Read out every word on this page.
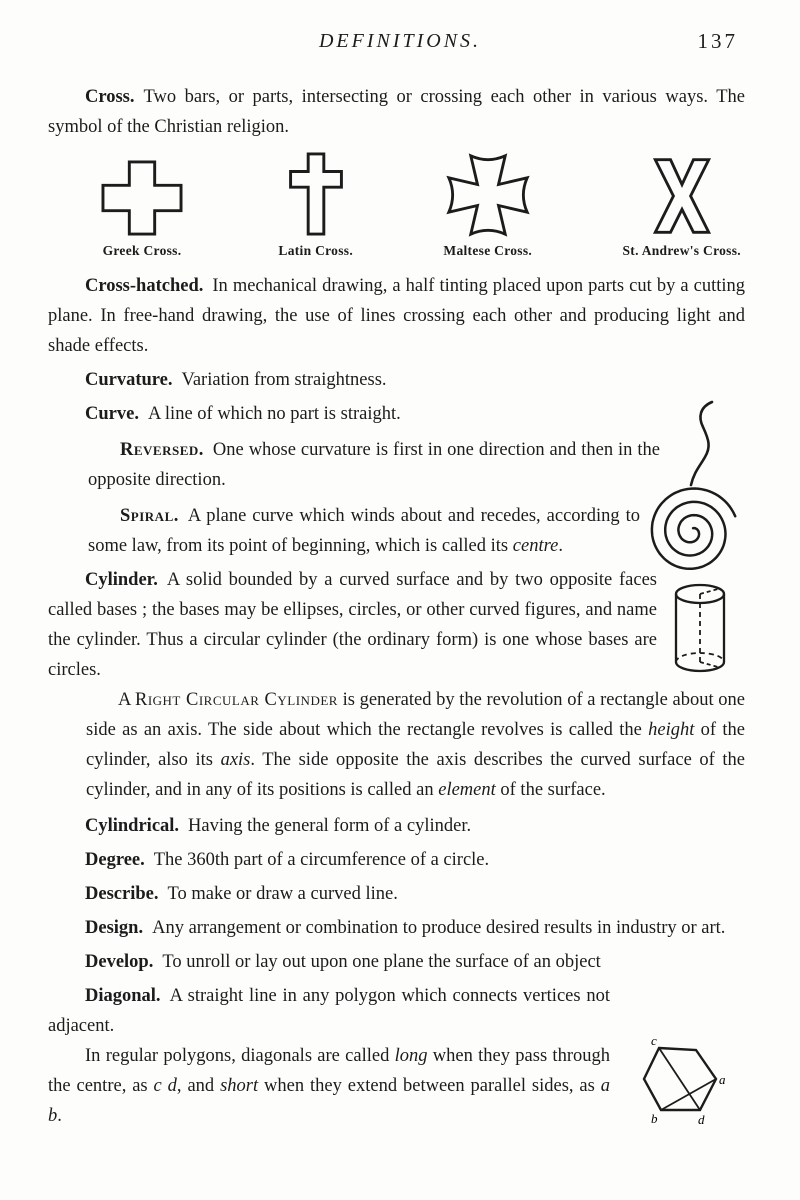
DEFINITIONS.	137

Cross. Two bars, or parts, intersecting or crossing each other in various ways. The symbol of the Christian religion.

Greek Cross.	Latin Cross.	Maltese Cross.	St. Andrew's Cross.

Cross-hatched. In mechanical drawing, a half tinting placed upon parts cut by a cutting plane. In free-hand drawing, the use of lines crossing each other and producing light and shade effects.

Curvature. Variation from straightness.

Curve. A line of which no part is straight.

Reversed. One whose curvature is first in one direction and then in the opposite direction.

Spiral. A plane curve which winds about and recedes, according to some law, from its point of beginning, which is called its centre.

Cylinder. A solid bounded by a curved surface and by two opposite faces called bases ; the bases may be ellipses, circles, or other curved figures, and name the cylinder. Thus a circular cylinder (the ordinary form) is one whose bases are circles.

A Right Circular Cylinder is generated by the revolution of a rectangle about one side as an axis. The side about which the rectangle revolves is called the height of the cylinder, also its axis. The side opposite the axis describes the curved surface of the cylinder, and in any of its positions is called an element of the surface.

Cylindrical. Having the general form of a cylinder.

Degree. The 360th part of a circumference of a circle.

Describe. To make or draw a curved line.

Design. Any arrangement or combination to produce desired results in industry or art.

Develop. To unroll or lay out upon one plane the surface of an object

Diagonal. A straight line in any polygon which connects vertices not adjacent.

In regular polygons, diagonals are called long when they pass through the centre, as c d, and short when they extend between parallel sides, as a b.

c
a
b	d
